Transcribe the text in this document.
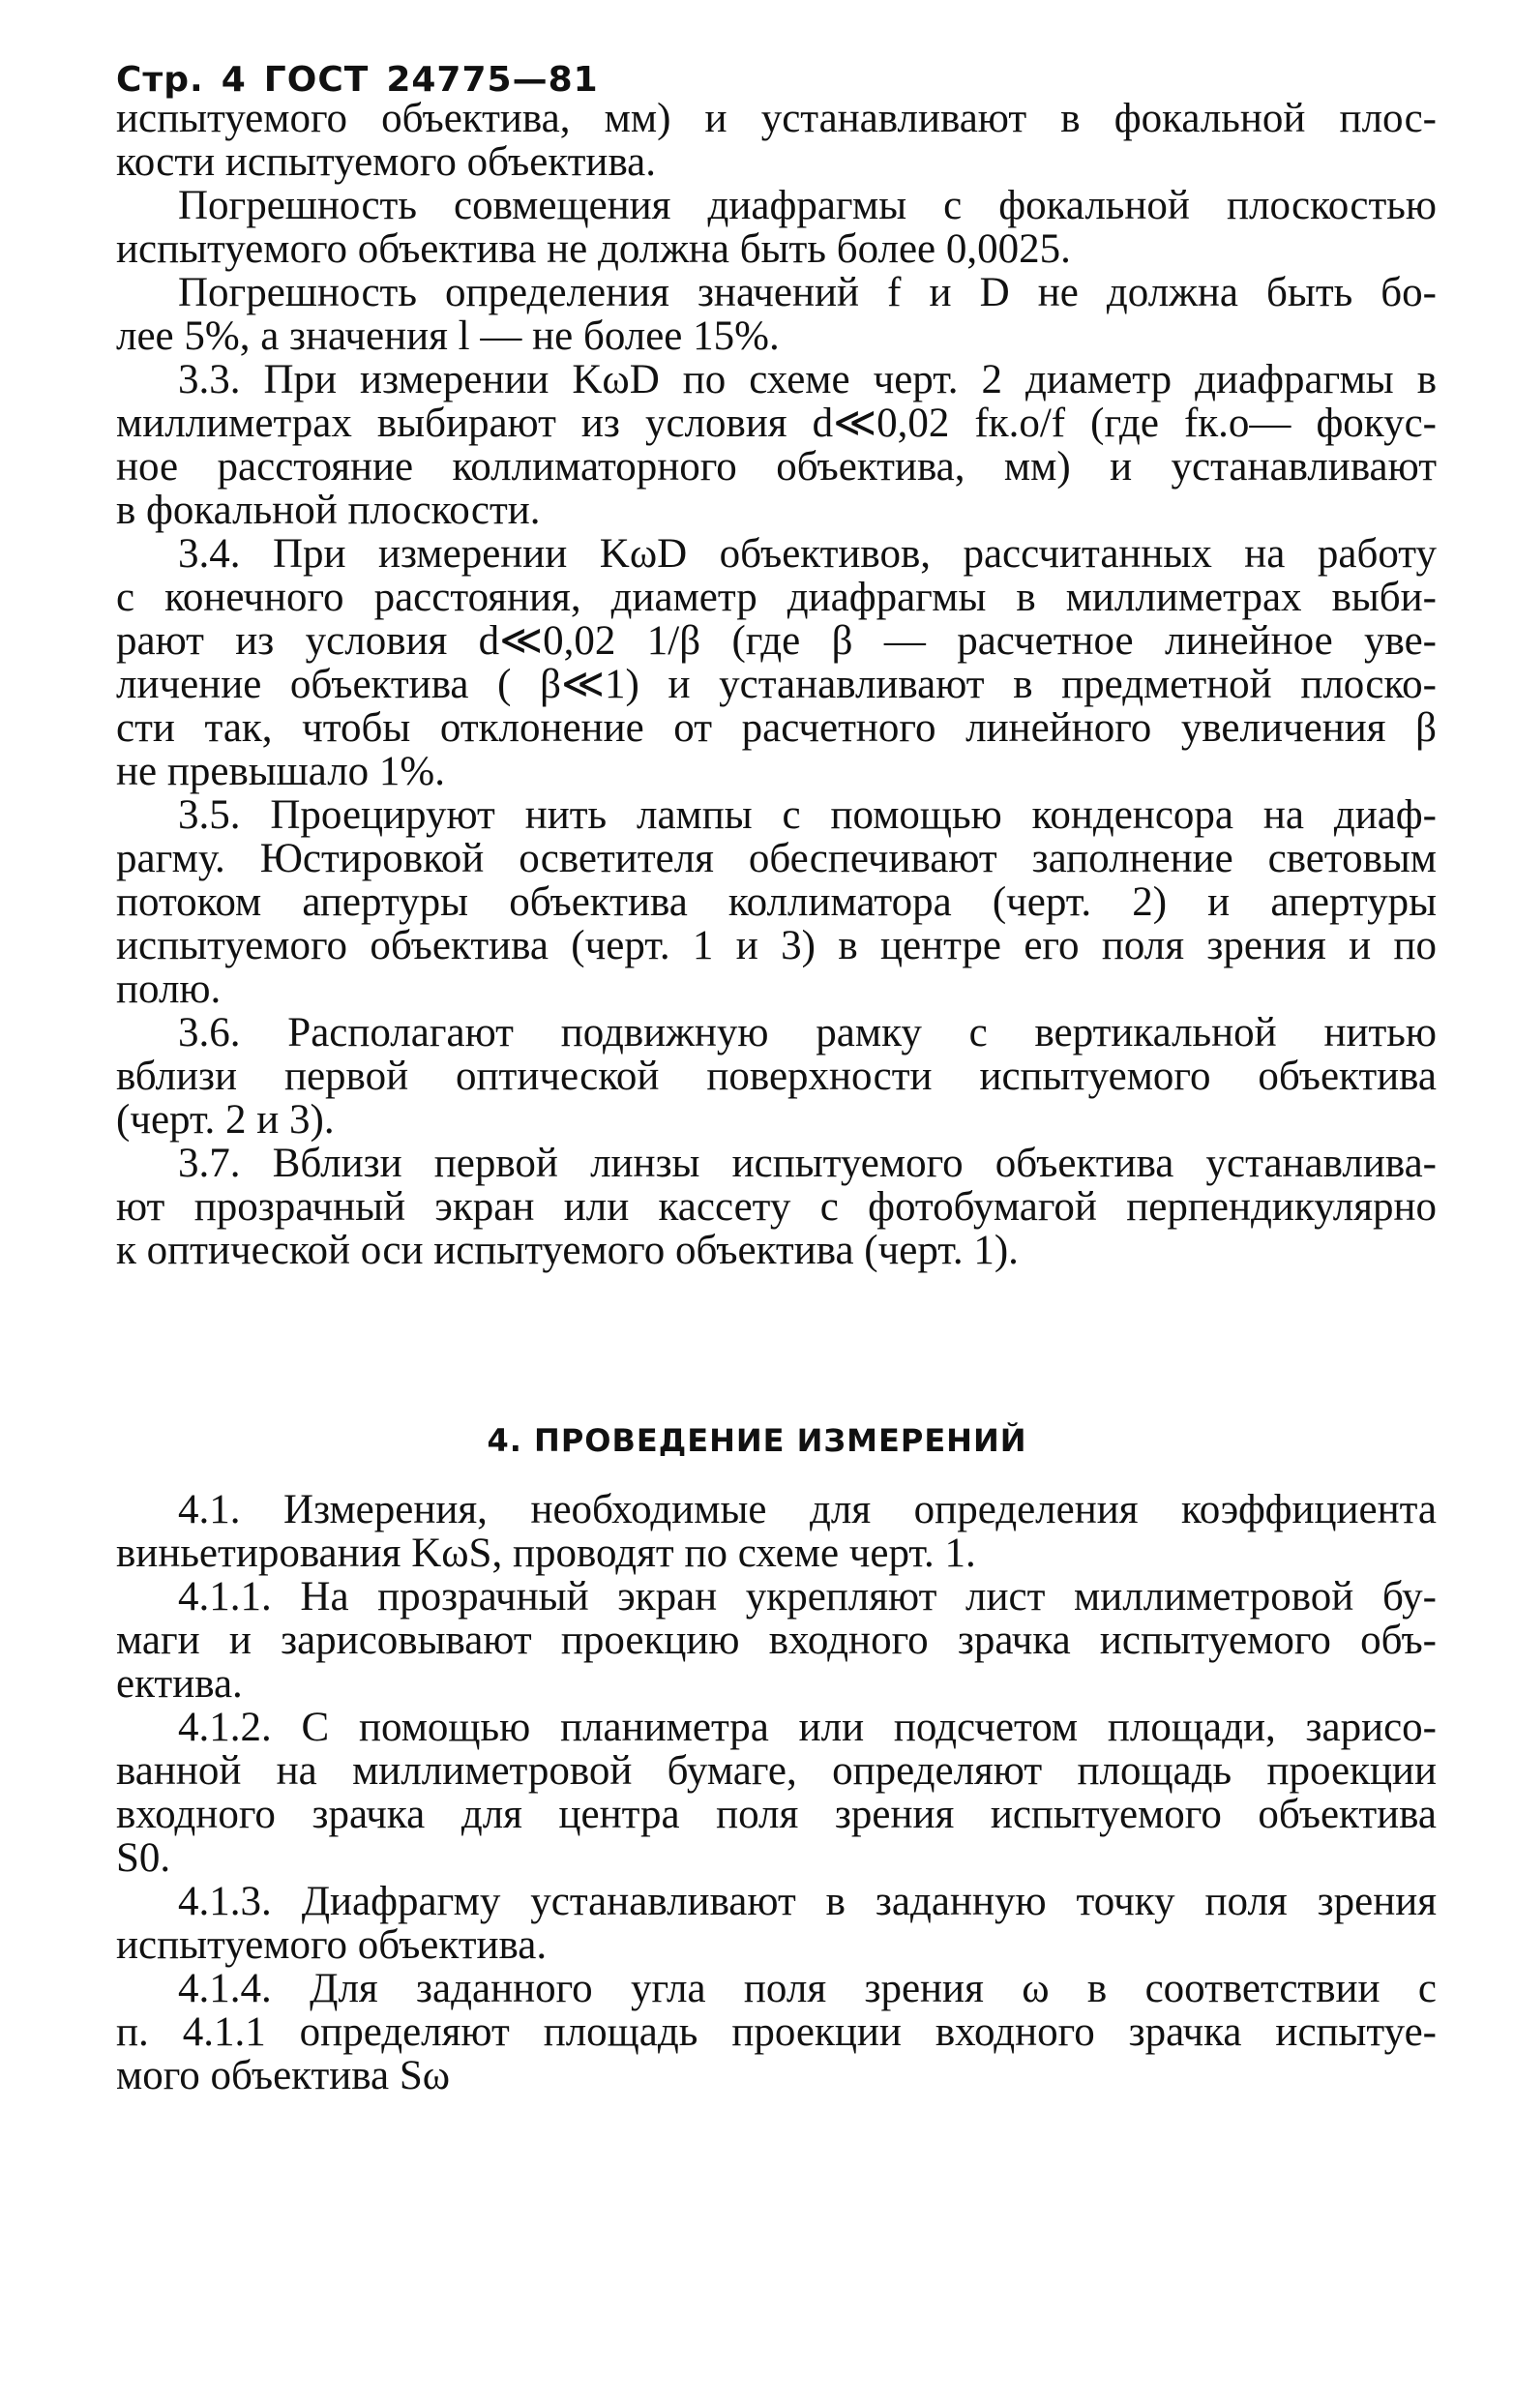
Стр. 4 ГОСТ 24775—81
испытуемого объектива, мм) и устанавливают в фокальной плос-
кости испытуемого объектива.
Погрешность совмещения диафрагмы с фокальной плоскостью
испытуемого объектива не должна быть более 0,0025.
Погрешность определения значений f и D не должна быть бо-
лее 5%, а значения l — не более 15%.
3.3. При измерении KωD по схеме черт. 2 диаметр диафрагмы в
миллиметрах выбирают из условия d≪0,02 fк.о/f (где fк.о— фокус-
ное расстояние коллиматорного объектива, мм) и устанавливают
в фокальной плоскости.
3.4. При измерении KωD объективов, рассчитанных на работу
с конечного расстояния, диаметр диафрагмы в миллиметрах выби-
рают из условия d≪0,02 1/β (где β — расчетное линейное уве-
личение объектива ( β≪1) и устанавливают в предметной плоско-
сти так, чтобы отклонение от расчетного линейного увеличения β
не превышало 1%.
3.5. Проецируют нить лампы с помощью конденсора на диаф-
рагму. Юстировкой осветителя обеспечивают заполнение световым
потоком апертуры объектива коллиматора (черт. 2) и апертуры
испытуемого объектива (черт. 1 и 3) в центре его поля зрения и по
полю.
3.6. Располагают подвижную рамку с вертикальной нитью
вблизи первой оптической поверхности испытуемого объектива
(черт. 2 и 3).
3.7. Вблизи первой линзы испытуемого объектива устанавлива-
ют прозрачный экран или кассету с фотобумагой перпендикулярно
к оптической оси испытуемого объектива (черт. 1).
4. ПРОВЕДЕНИЕ ИЗМЕРЕНИЙ
4.1. Измерения, необходимые для определения коэффициента
виньетирования KωS, проводят по схеме черт. 1.
4.1.1. На прозрачный экран укрепляют лист миллиметровой бу-
маги и зарисовывают проекцию входного зрачка испытуемого объ-
ектива.
4.1.2. С помощью планиметра или подсчетом площади, зарисо-
ванной на миллиметровой бумаге, определяют площадь проекции
входного зрачка для центра поля зрения испытуемого объектива
S0.
4.1.3. Диафрагму устанавливают в заданную точку поля зрения
испытуемого объектива.
4.1.4. Для заданного угла поля зрения ω в соответствии с
п. 4.1.1 определяют площадь проекции входного зрачка испытуе-
мого объектива Sω
